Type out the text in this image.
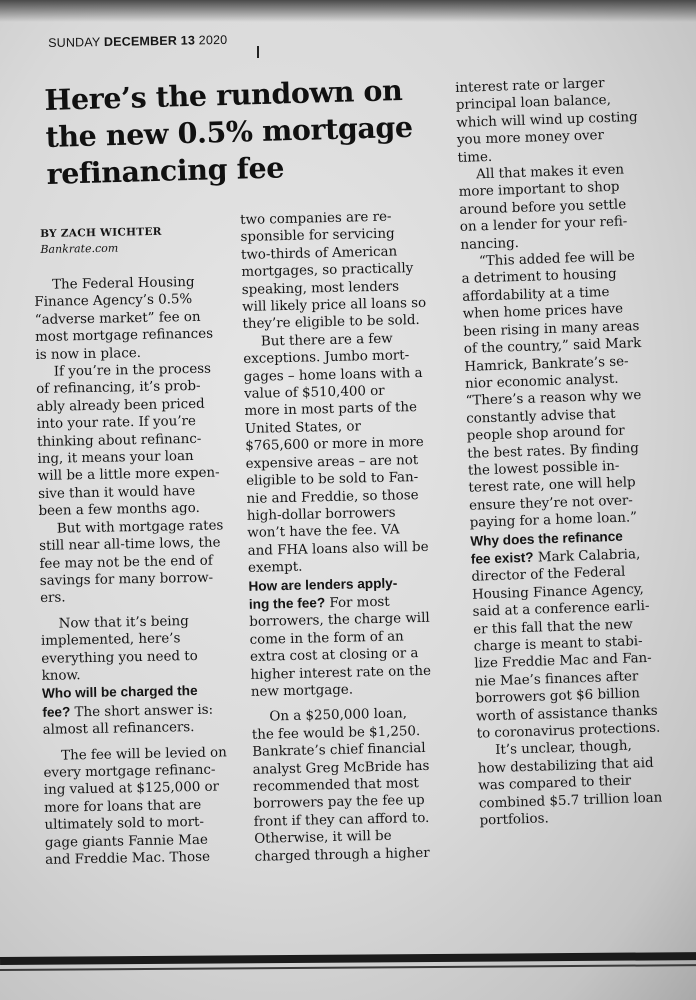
SUNDAY DECEMBER 13 2020
Here’s the rundown on the new 0.5% mortgage refinancing fee
BY ZACH WICHTER
Bankrate.com

The Federal Housing
Finance Agency’s 0.5%
“adverse market” fee on
most mortgage refinances
is now in place.

If you’re in the process
of refinancing, it’s prob-
ably already been priced
into your rate. If you’re
thinking about refinanc-
ing, it means your loan
will be a little more expen-
sive than it would have
been a few months ago.

But with mortgage rates
still near all-time lows, the
fee may not be the end of
savings for many borrow-
ers.

Now that it’s being
implemented, here’s
everything you need to
know.

Who will be charged the
fee? The short answer is:
almost all refinancers.

The fee will be levied on
every mortgage refinanc-
ing valued at $125,000 or
more for loans that are
ultimately sold to mort-
gage giants Fannie Mae
and Freddie Mac. Those

two companies are re-
sponsible for servicing
two-thirds of American
mortgages, so practically
speaking, most lenders
will likely price all loans so
they’re eligible to be sold.

But there are a few
exceptions. Jumbo mort-
gages – home loans with a
value of $510,400 or
more in most parts of the
United States, or
$765,600 or more in more
expensive areas – are not
eligible to be sold to Fan-
nie and Freddie, so those
high-dollar borrowers
won’t have the fee. VA
and FHA loans also will be
exempt.

How are lenders apply-
ing the fee? For most
borrowers, the charge will
come in the form of an
extra cost at closing or a
higher interest rate on the
new mortgage.

On a $250,000 loan,
the fee would be $1,250.
Bankrate’s chief financial
analyst Greg McBride has
recommended that most
borrowers pay the fee up
front if they can afford to.
Otherwise, it will be
charged through a higher

interest rate or larger
principal loan balance,
which will wind up costing
you more money over
time.

All that makes it even
more important to shop
around before you settle
on a lender for your refi-
nancing.

“This added fee will be
a detriment to housing
affordability at a time
when home prices have
been rising in many areas
of the country,” said Mark
Hamrick, Bankrate’s se-
nior economic analyst.
“There’s a reason why we
constantly advise that
people shop around for
the best rates. By finding
the lowest possible in-
terest rate, one will help
ensure they’re not over-
paying for a home loan.”

Why does the refinance
fee exist? Mark Calabria,
director of the Federal
Housing Finance Agency,
said at a conference earli-
er this fall that the new
charge is meant to stabi-
lize Freddie Mac and Fan-
nie Mae’s finances after
borrowers got $6 billion
worth of assistance thanks
to coronavirus protections.

It’s unclear, though,
how destabilizing that aid
was compared to their
combined $5.7 trillion loan
portfolios.
